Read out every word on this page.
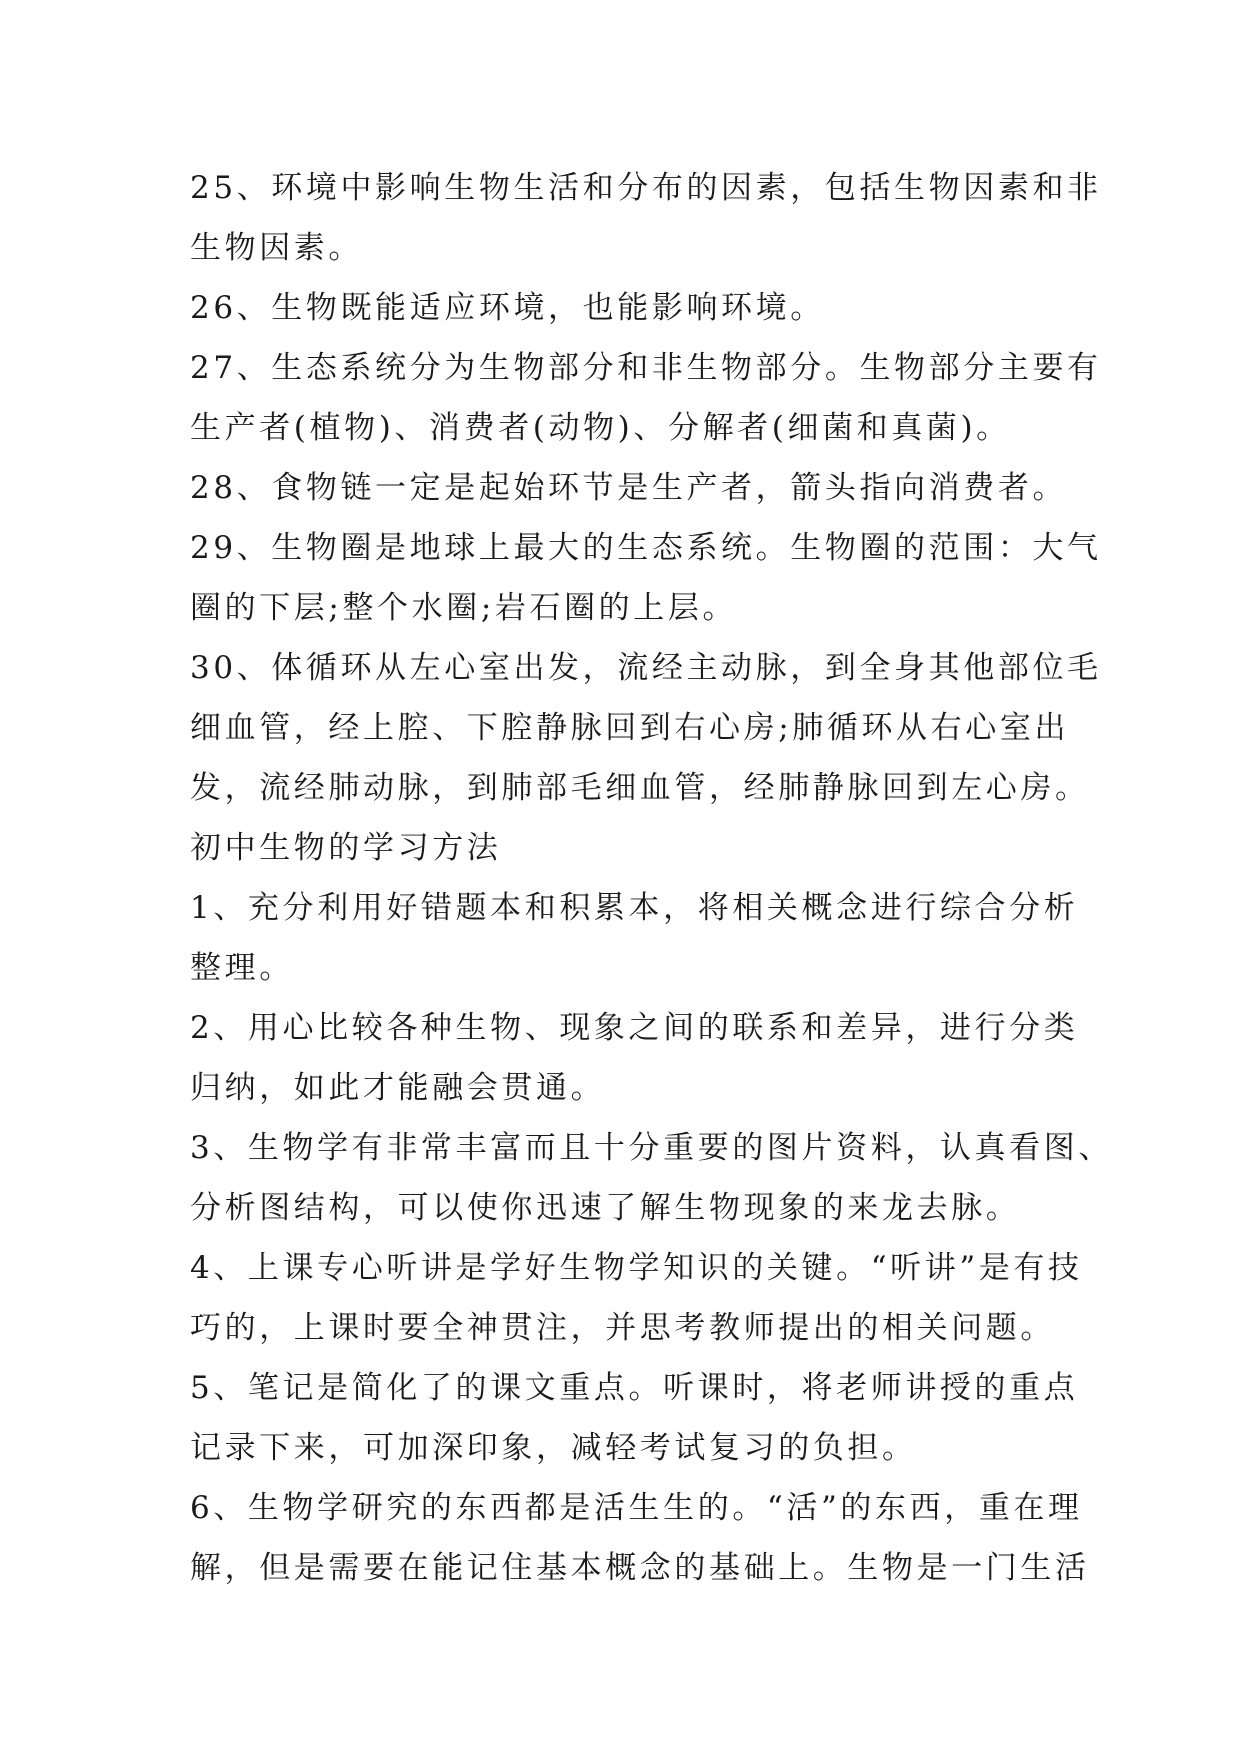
25、环境中影响生物生活和分布的因素，包括生物因素和非
生物因素。
26、生物既能适应环境，也能影响环境。
27、生态系统分为生物部分和非生物部分。生物部分主要有
生产者(植物)、消费者(动物)、分解者(细菌和真菌)。
28、食物链一定是起始环节是生产者，箭头指向消费者。
29、生物圈是地球上最大的生态系统。生物圈的范围：大气
圈的下层;整个水圈;岩石圈的上层。
30、体循环从左心室出发，流经主动脉，到全身其他部位毛
细血管，经上腔、下腔静脉回到右心房;肺循环从右心室出
发，流经肺动脉，到肺部毛细血管，经肺静脉回到左心房。
初中生物的学习方法
1、充分利用好错题本和积累本，将相关概念进行综合分析
整理。
2、用心比较各种生物、现象之间的联系和差异，进行分类
归纳，如此才能融会贯通。
3、生物学有非常丰富而且十分重要的图片资料，认真看图、
分析图结构，可以使你迅速了解生物现象的来龙去脉。
4、上课专心听讲是学好生物学知识的关键。“听讲”是有技
巧的，上课时要全神贯注，并思考教师提出的相关问题。
5、笔记是简化了的课文重点。听课时，将老师讲授的重点
记录下来，可加深印象，减轻考试复习的负担。
6、生物学研究的东西都是活生生的。“活”的东西，重在理
解，但是需要在能记住基本概念的基础上。生物是一门生活
